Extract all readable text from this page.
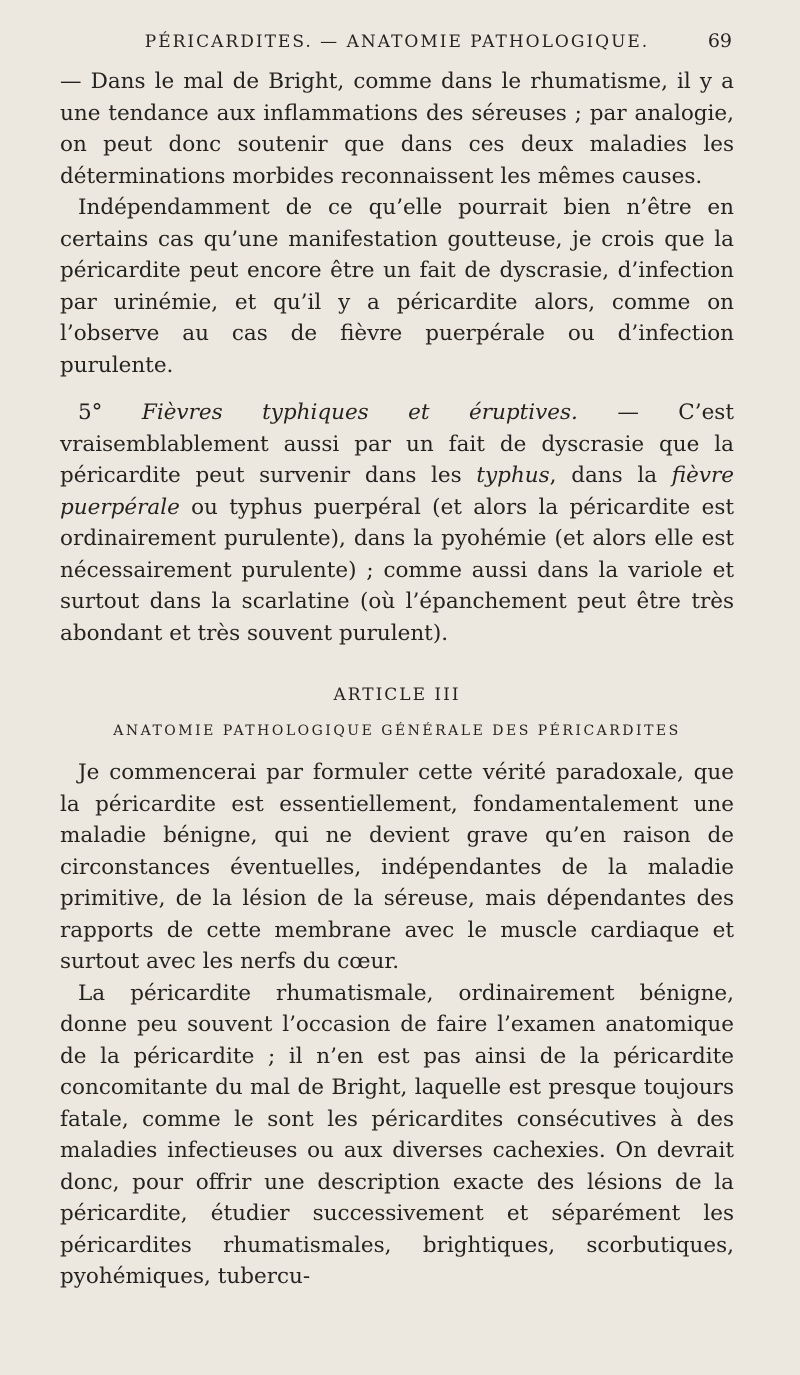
PÉRICARDITES. — ANATOMIE PATHOLOGIQUE.	69

— Dans le mal de Bright, comme dans le rhumatisme, il y a une tendance aux inflammations des séreuses ; par analogie, on peut donc soutenir que dans ces deux maladies les déterminations morbides reconnaissent les mêmes causes.

Indépendamment de ce qu’elle pourrait bien n’être en certains cas qu’une manifestation goutteuse, je crois que la péricardite peut encore être un fait de dyscrasie, d’infection par urinémie, et qu’il y a péricardite alors, comme on l’observe au cas de fièvre puerpérale ou d’infection purulente.

5° Fièvres typhiques et éruptives. — C’est vraisemblablement aussi par un fait de dyscrasie que la péricardite peut survenir dans les typhus, dans la fièvre puerpérale ou typhus puerpéral (et alors la péricardite est ordinairement purulente), dans la pyohémie (et alors elle est nécessairement purulente) ; comme aussi dans la variole et surtout dans la scarlatine (où l’épanchement peut être très abondant et très souvent purulent).

ARTICLE III
ANATOMIE PATHOLOGIQUE GÉNÉRALE DES PÉRICARDITES

Je commencerai par formuler cette vérité paradoxale, que la péricardite est essentiellement, fondamentalement une maladie bénigne, qui ne devient grave qu’en raison de circonstances éventuelles, indépendantes de la maladie primitive, de la lésion de la séreuse, mais dépendantes des rapports de cette membrane avec le muscle cardiaque et surtout avec les nerfs du cœur.

La péricardite rhumatismale, ordinairement bénigne, donne peu souvent l’occasion de faire l’examen anatomique de la péricardite ; il n’en est pas ainsi de la péricardite concomitante du mal de Bright, laquelle est presque toujours fatale, comme le sont les péricardites consécutives à des maladies infectieuses ou aux diverses cachexies. On devrait donc, pour offrir une description exacte des lésions de la péricardite, étudier successivement et séparément les péricardites rhumatismales, brightiques, scorbutiques, pyohémiques, tubercu-
